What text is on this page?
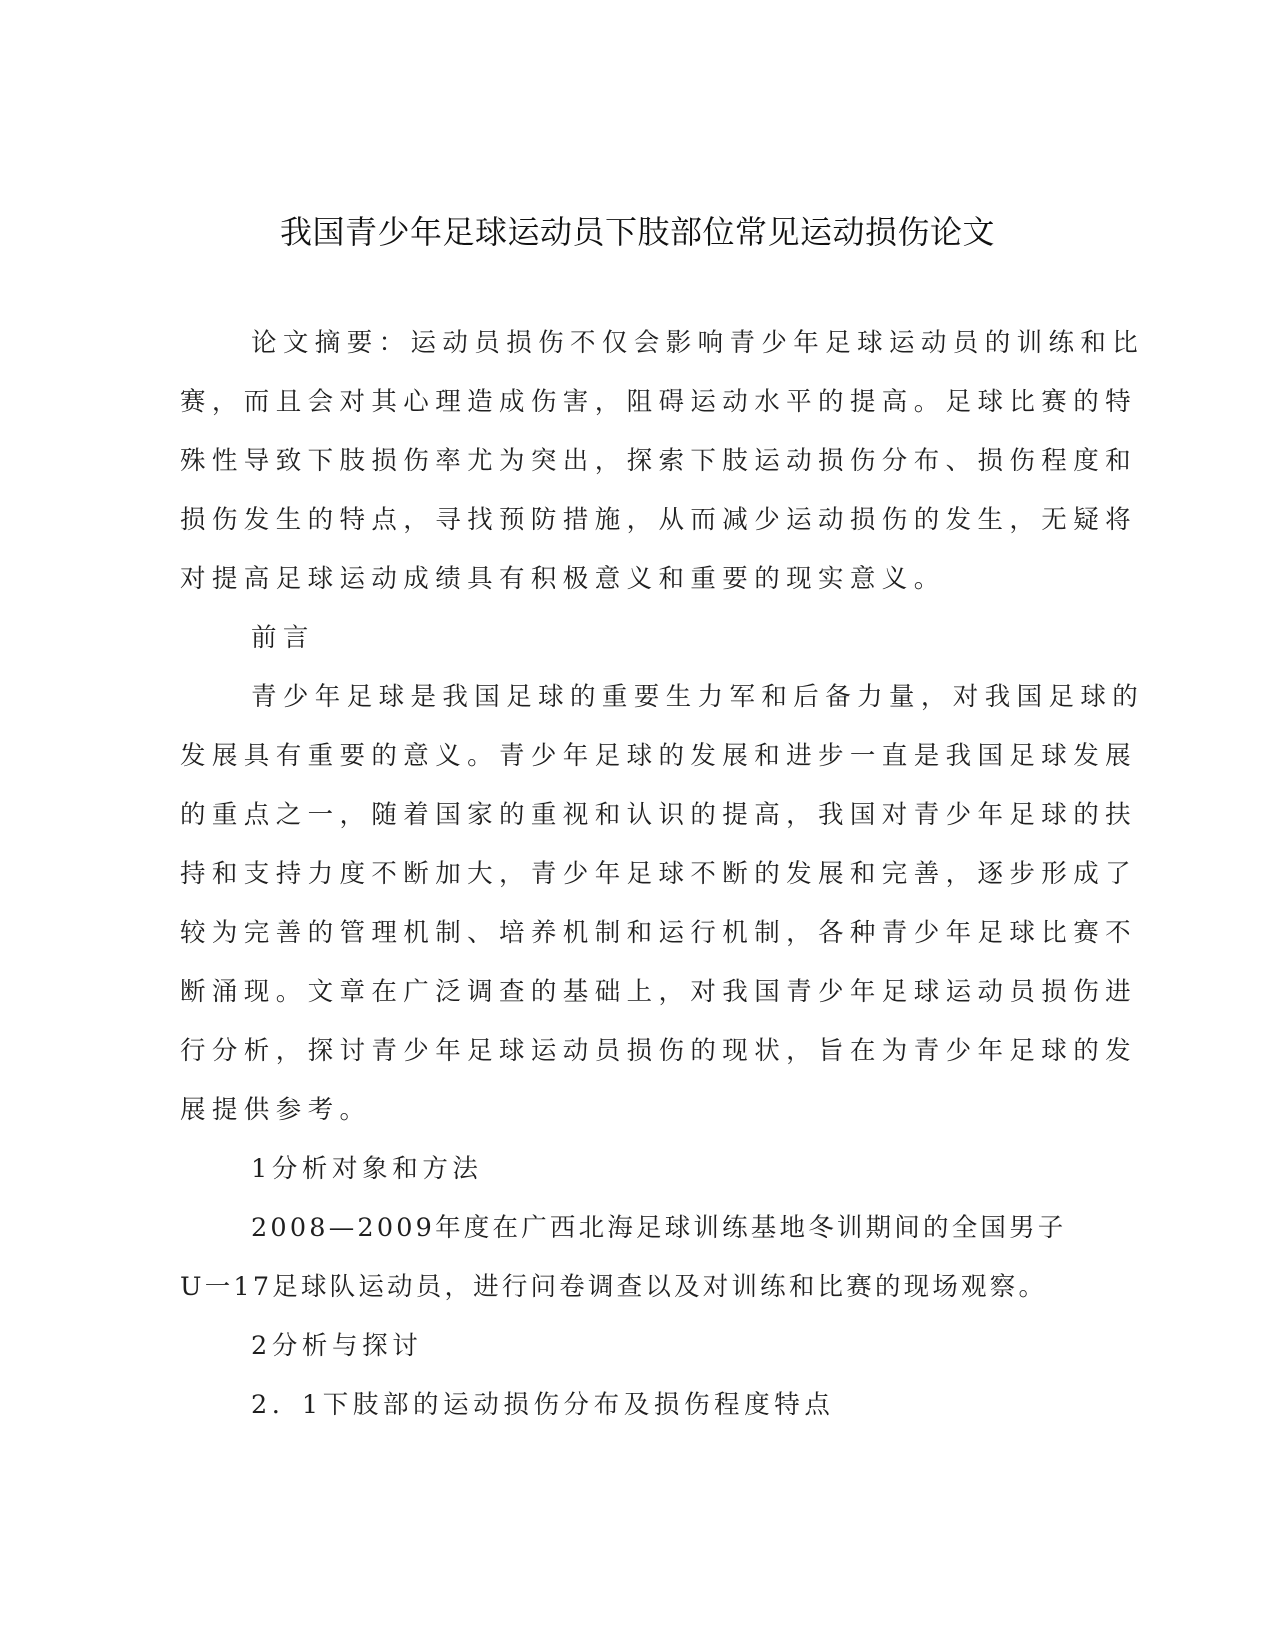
我国青少年足球运动员下肢部位常见运动损伤论文
论文摘要：运动员损伤不仅会影响青少年足球运动员的训练和比
赛，而且会对其心理造成伤害，阻碍运动水平的提高。足球比赛的特
殊性导致下肢损伤率尤为突出，探索下肢运动损伤分布、损伤程度和
损伤发生的特点，寻找预防措施，从而减少运动损伤的发生，无疑将
对提高足球运动成绩具有积极意义和重要的现实意义。
前言
青少年足球是我国足球的重要生力军和后备力量，对我国足球的
发展具有重要的意义。青少年足球的发展和进步一直是我国足球发展
的重点之一，随着国家的重视和认识的提高，我国对青少年足球的扶
持和支持力度不断加大，青少年足球不断的发展和完善，逐步形成了
较为完善的管理机制、培养机制和运行机制，各种青少年足球比赛不
断涌现。文章在广泛调查的基础上，对我国青少年足球运动员损伤进
行分析，探讨青少年足球运动员损伤的现状，旨在为青少年足球的发
展提供参考。
1分析对象和方法
2008—2009年度在广西北海足球训练基地冬训期间的全国男子
U一17足球队运动员，进行问卷调查以及对训练和比赛的现场观察。
2分析与探讨
2．1下肢部的运动损伤分布及损伤程度特点
